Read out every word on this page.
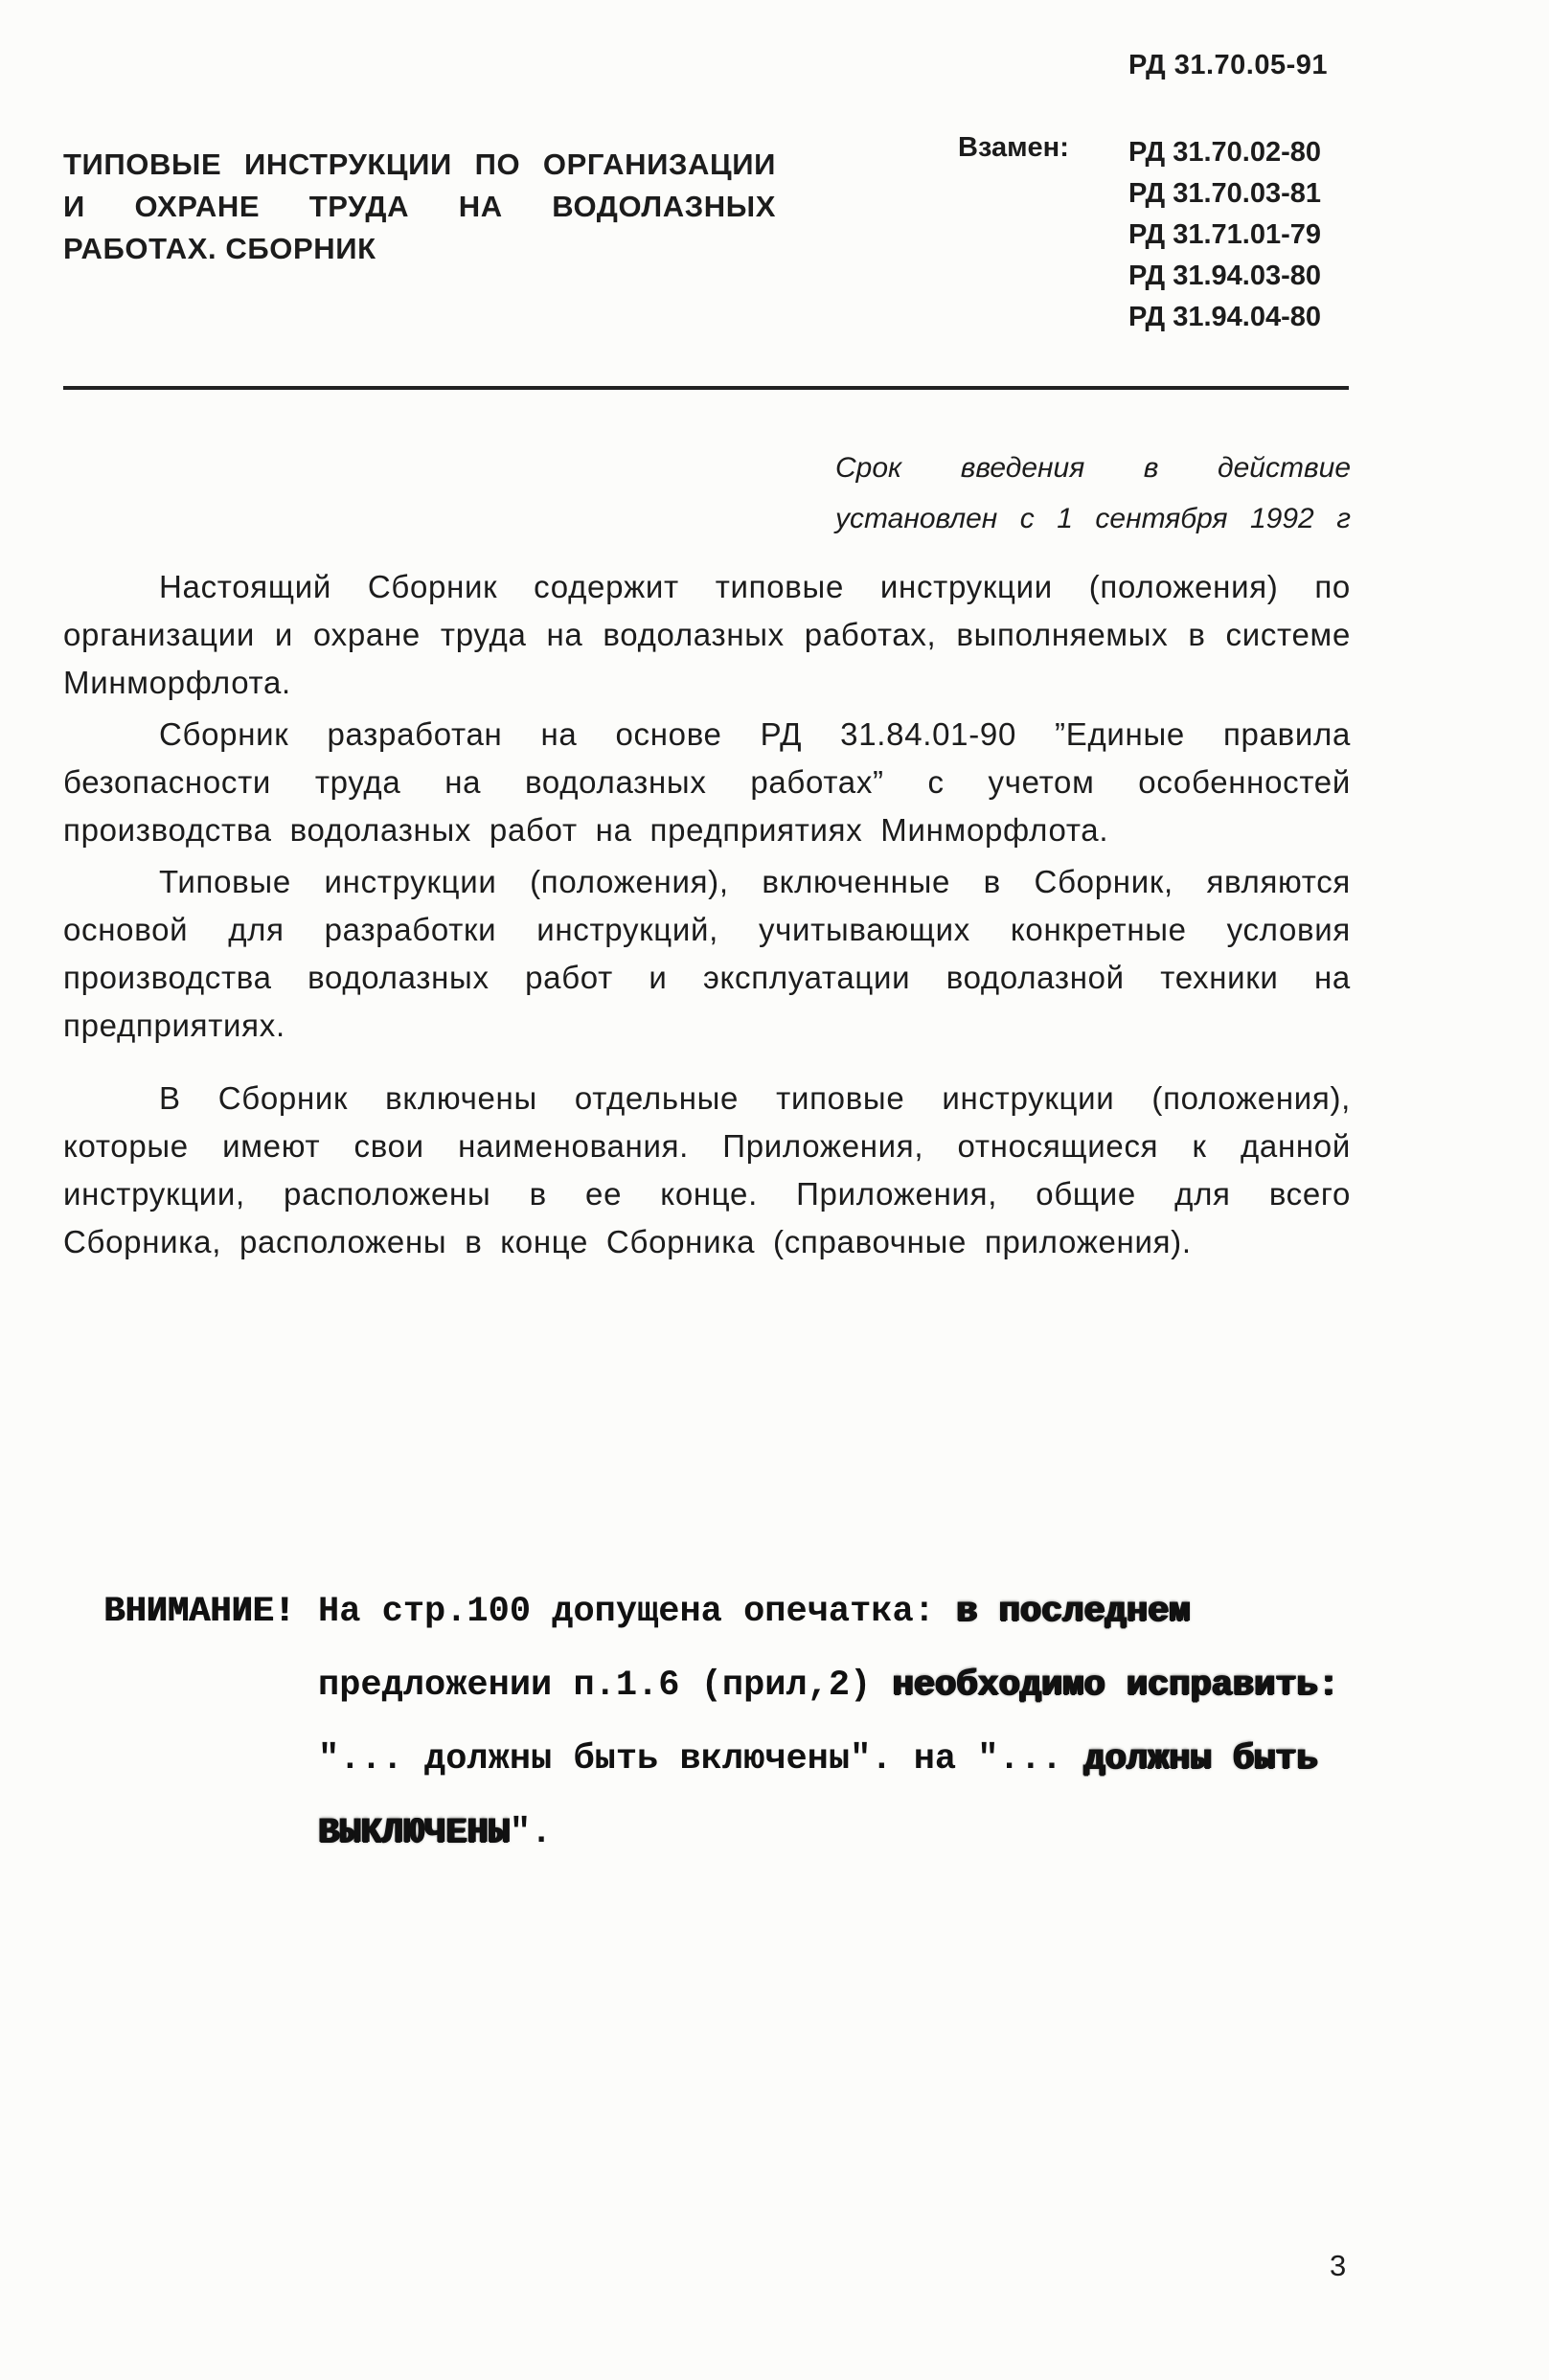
РД 31.70.05-91
ТИПОВЫЕ ИНСТРУКЦИИ ПО ОРГАНИЗАЦИИ
И ОХРАНЕ ТРУДА НА ВОДОЛАЗНЫХ
РАБОТАХ. СБОРНИК
Взамен: РД 31.70.02-80
РД 31.70.03-81
РД 31.71.01-79
РД 31.94.03-80
РД 31.94.04-80
Срок введения в действие
установлен с 1 сентября 1992 г

Настоящий Сборник содержит типовые инструкции (положения) по организации и охране труда на водолазных работах, выполняемых в системе Минморфлота.

Сборник разработан на основе РД 31.84.01-90 ”Единые правила безопасности труда на водолазных работах” с учетом особенностей производства водолазных работ на предприятиях Минморфлота.

Типовые инструкции (положения), включенные в Сборник, являются основой для разработки инструкций, учитывающих конкретные условия производства водолазных работ и эксплуатации водолазной техники на предприятиях.

В Сборник включены отдельные типовые инструкции (положения), которые имеют свои наименования. Приложения, относящиеся к данной инструкции, расположены в ее конце. Приложения, общие для всего Сборника, расположены в конце Сборника (справочные приложения).

ВНИМАНИЕ! На стр.100 допущена опечатка: в последнем
предложении п.1.6 (прил,2) необходимо исправить:
"... должны быть включены". на "... должны быть
ВЫКЛЮЧЕНЫ".
3
